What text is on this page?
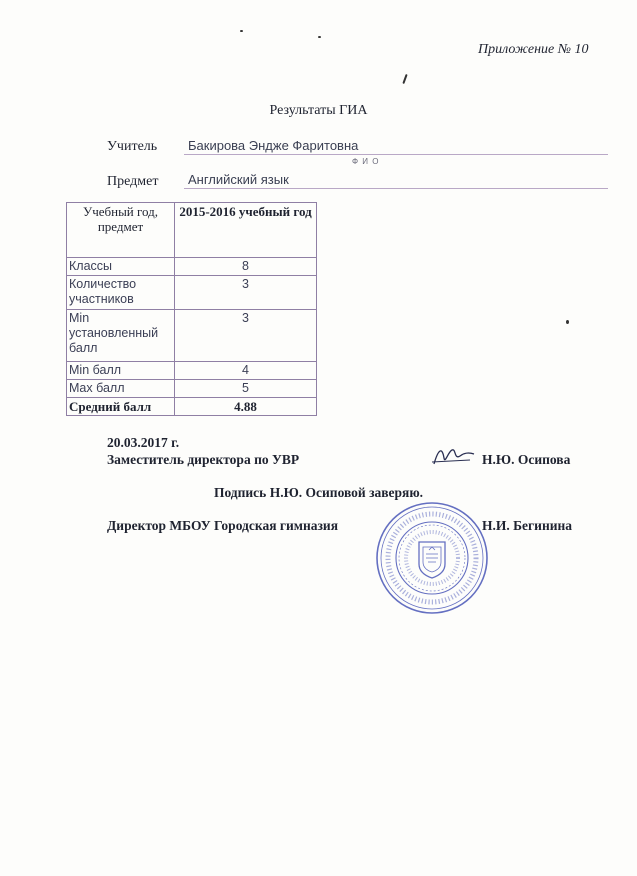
Приложение № 10
Результаты ГИА
Учитель	Бакирова Эндже Фаритовна
Ф И О
Предмет	Английский язык
Учебный год, предмет	2015-2016 учебный год
Классы	8
Количество участников	3
Min установленный балл	3
Min балл	4
Max балл	5
Средний балл	4.88
20.03.2017 г.
Заместитель директора по УВР	Н.Ю. Осипова
Подпись Н.Ю. Осиповой заверяю.
Директор МБОУ Городская гимназия	Н.И. Бегинина
